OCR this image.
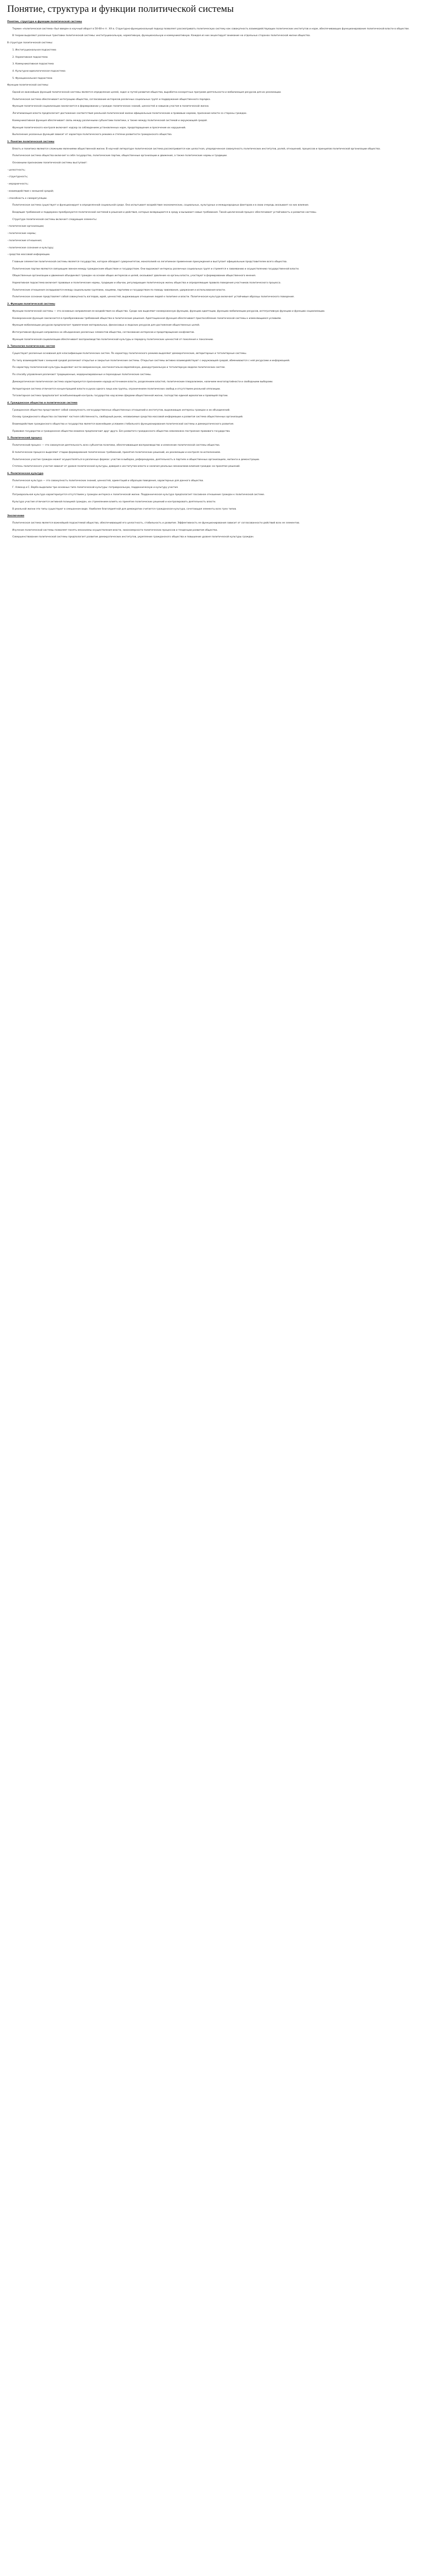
Понятие, структура и функции политической системы

Понятие, структура и функции политической системы

Термин «политическая система» был введен в научный оборот в 50-60-е гг. XX в. Структурно-функциональный подход позволяет рассматривать политическую систему как совокупность взаимодействующих политических институтов и норм, обеспечивающих функционирование политической власти в обществе.

В теории выделяют различные трактовки политической системы: институциональную, нормативную, функциональную и коммуникативную. Каждая из них акцентирует внимание на отдельных сторонах политической жизни общества.

В структуре политической системы:

1. Институциональная подсистема

2. Нормативная подсистема

3. Коммуникативная подсистема

4. Культурно-идеологическая подсистема

5. Функциональная подсистема

Функции политической системы:

Одной из важнейших функций политической системы является определение целей, задач и путей развития общества, выработка конкретных программ деятельности и мобилизация ресурсов для их реализации.

Политическая система обеспечивает интеграцию общества, согласование интересов различных социальных групп и поддержание общественного порядка.

Функция политической социализации заключается в формировании у граждан политических знаний, ценностей и навыков участия в политической жизни.

Легитимизация власти предполагает достижение соответствия реальной политической жизни официальным политическим и правовым нормам, признание власти со стороны граждан.

Коммуникативная функция обеспечивает связь между различными субъектами политики, а также между политической системой и окружающей средой.

Функция политического контроля включает надзор за соблюдением установленных норм, предотвращение и пресечение их нарушений.

Выполнение указанных функций зависит от характера политического режима и степени развитости гражданского общества.

1. Понятие политической системы

Власть и политика являются сложными явлениями общественной жизни. В научной литературе политическая система рассматривается как целостная, упорядоченная совокупность политических институтов, ролей, отношений, процессов и принципов политической организации общества.

Политическая система общества включает в себя государство, политические партии, общественные организации и движения, а также политические нормы и традиции.

Основными признаками политической системы выступают:

- целостность;

- структурность;

- иерархичность;

- взаимодействие с внешней средой;

- способность к саморегуляции.

Политическая система существует и функционирует в определенной социальной среде. Она испытывает воздействие экономических, социальных, культурных и международных факторов и в свою очередь оказывает на них влияние.

Входящие требования и поддержка преобразуются политической системой в решения и действия, которые возвращаются в среду и вызывают новые требования. Такой циклический процесс обеспечивает устойчивость и развитие системы.

Структура политической системы включает следующие элементы:

- политические организации;

- политические нормы;

- политические отношения;

- политическое сознание и культуру;

- средства массовой информации.

Главным элементом политической системы является государство, которое обладает суверенитетом, монополией на легитимное применение принуждения и выступает официальным представителем всего общества.

Политические партии являются связующим звеном между гражданским обществом и государством. Они выражают интересы различных социальных групп и стремятся к завоеванию и осуществлению государственной власти.

Общественные организации и движения объединяют граждан на основе общих интересов и целей, оказывают давление на органы власти, участвуют в формировании общественного мнения.

Нормативная подсистема включает правовые и политические нормы, традиции и обычаи, регулирующие политическую жизнь общества и определяющие правила поведения участников политического процесса.

Политические отношения складываются между социальными группами, нациями, партиями и государством по поводу завоевания, удержания и использования власти.

Политическое сознание представляет собой совокупность взглядов, идей, ценностей, выражающих отношение людей к политике и власти. Политическая культура включает устойчивые образцы политического поведения.

2. Функции политической системы

Функции политической системы — это основные направления ее воздействия на общество. Среди них выделяют конверсионную функцию, функцию адаптации, функцию мобилизации ресурсов, интегративную функцию и функцию социализации.

Конверсионная функция заключается в преобразовании требований общества в политические решения. Адаптационная функция обеспечивает приспособление политической системы к изменяющимся условиям.

Функция мобилизации ресурсов предполагает привлечение материальных, финансовых и людских ресурсов для достижения общественных целей.

Интегративная функция направлена на объединение различных элементов общества, согласование интересов и предотвращение конфликтов.

Функция политической социализации обеспечивает воспроизводство политической культуры и передачу политических ценностей от поколения к поколению.

3. Типология политических систем

Существуют различные основания для классификации политических систем. По характеру политического режима выделяют демократические, авторитарные и тоталитарные системы.

По типу взаимодействия с внешней средой различают открытые и закрытые политические системы. Открытые системы активно взаимодействуют с окружающей средой, обмениваются с ней ресурсами и информацией.

По характеру политической культуры выделяют англо-американскую, континентально-европейскую, доиндустриальную и тоталитарную модели политических систем.

По способу управления различают традиционные, модернизированные и переходные политические системы.

Демократическая политическая система характеризуется признанием народа источником власти, разделением властей, политическим плюрализмом, наличием многопартийности и свободными выборами.

Авторитарная система отличается концентрацией власти в руках одного лица или группы, ограничением политических свобод и отсутствием реальной оппозиции.

Тоталитарная система предполагает всеобъемлющий контроль государства над всеми сферами общественной жизни, господство единой идеологии и правящей партии.

4. Гражданское общество и политическая система

Гражданское общество представляет собой совокупность негосударственных общественных отношений и институтов, выражающих интересы граждан и их объединений.

Основу гражданского общества составляют частная собственность, свободный рынок, независимые средства массовой информации и развитая система общественных организаций.

Взаимодействие гражданского общества и государства является важнейшим условием стабильного функционирования политической системы и демократического развития.

Правовое государство и гражданское общество взаимно предполагают друг друга. Без развитого гражданского общества невозможно построение правового государства.

5. Политический процесс

Политический процесс — это совокупная деятельность всех субъектов политики, обеспечивающая воспроизводство и изменение политической системы общества.

В политическом процессе выделяют стадии формирования политических требований, принятия политических решений, их реализации и контроля за исполнением.

Политическое участие граждан может осуществляться в различных формах: участие в выборах, референдумах, деятельность в партиях и общественных организациях, митинги и демонстрации.

Степень политического участия зависит от уровня политической культуры, доверия к институтам власти и наличия реальных механизмов влияния граждан на принятие решений.

6. Политическая культура

Политическая культура — это совокупность политических знаний, ценностей, ориентаций и образцов поведения, характерных для данного общества.

Г. Алмонд и С. Верба выделили три основных типа политической культуры: патриархальную, подданническую и культуру участия.

Патриархальная культура характеризуется отсутствием у граждан интереса к политической жизни. Подданническая культура предполагает пассивное отношение граждан к политической системе.

Культура участия отличается активной позицией граждан, их стремлением влиять на принятие политических решений и контролировать деятельность власти.

В реальной жизни эти типы существуют в смешанном виде. Наиболее благоприятной для демократии считается гражданская культура, сочетающая элементы всех трех типов.

Заключение

Политическая система является важнейшей подсистемой общества, обеспечивающей его целостность, стабильность и развитие. Эффективность ее функционирования зависит от согласованности действий всех ее элементов.

Изучение политической системы позволяет понять механизмы осуществления власти, закономерности политических процессов и тенденции развития общества.

Совершенствование политической системы предполагает развитие демократических институтов, укрепление гражданского общества и повышение уровня политической культуры граждан.
